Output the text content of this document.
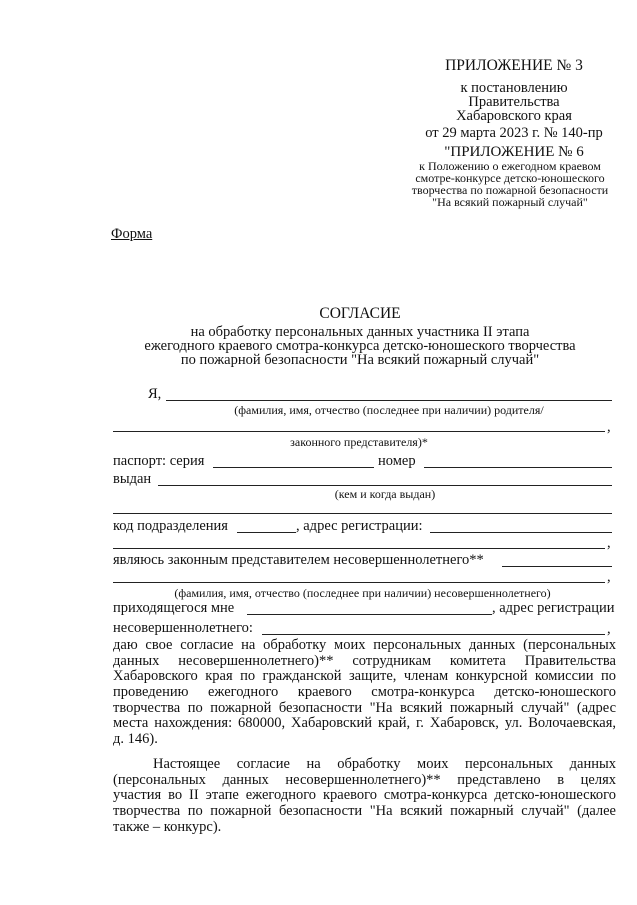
ПРИЛОЖЕНИЕ № 3
к постановлению
Правительства
Хабаровского края
от 29 марта 2023 г. № 140-пр
"ПРИЛОЖЕНИЕ № 6
к Положению о ежегодном краевом
смотре-конкурсе детско-юношеского
творчества по пожарной безопасности
"На всякий пожарный случай"
Форма
СОГЛАСИЕ
на обработку персональных данных участника II этапа
ежегодного краевого смотра-конкурса детско-юношеского творчества
по пожарной безопасности "На всякий пожарный случай"
Я,
(фамилия, имя, отчество (последнее при наличии) родителя/
,
законного представителя)*
паспорт: серия	номер
выдан
(кем и когда выдан)
код подразделения	, адрес регистрации:
,
являюсь законным представителем несовершеннолетнего**
,
(фамилия, имя, отчество (последнее при наличии) несовершеннолетнего)
приходящегося мне	, адрес регистрации
несовершеннолетнего:	,
даю свое согласие на обработку моих персональных данных (персональных
данных несовершеннолетнего)** сотрудникам комитета Правительства
Хабаровского края по гражданской защите, членам конкурсной комиссии по
проведению ежегодного краевого смотра-конкурса детско-юношеского
творчества по пожарной безопасности "На всякий пожарный случай" (адрес
места нахождения: 680000, Хабаровский край, г. Хабаровск, ул. Волочаевская,
д. 146).
Настоящее согласие на обработку моих персональных данных
(персональных данных несовершеннолетнего)** представлено в целях
участия во II этапе ежегодного краевого смотра-конкурса детско-юношеского
творчества по пожарной безопасности "На всякий пожарный случай" (далее
также – конкурс).
